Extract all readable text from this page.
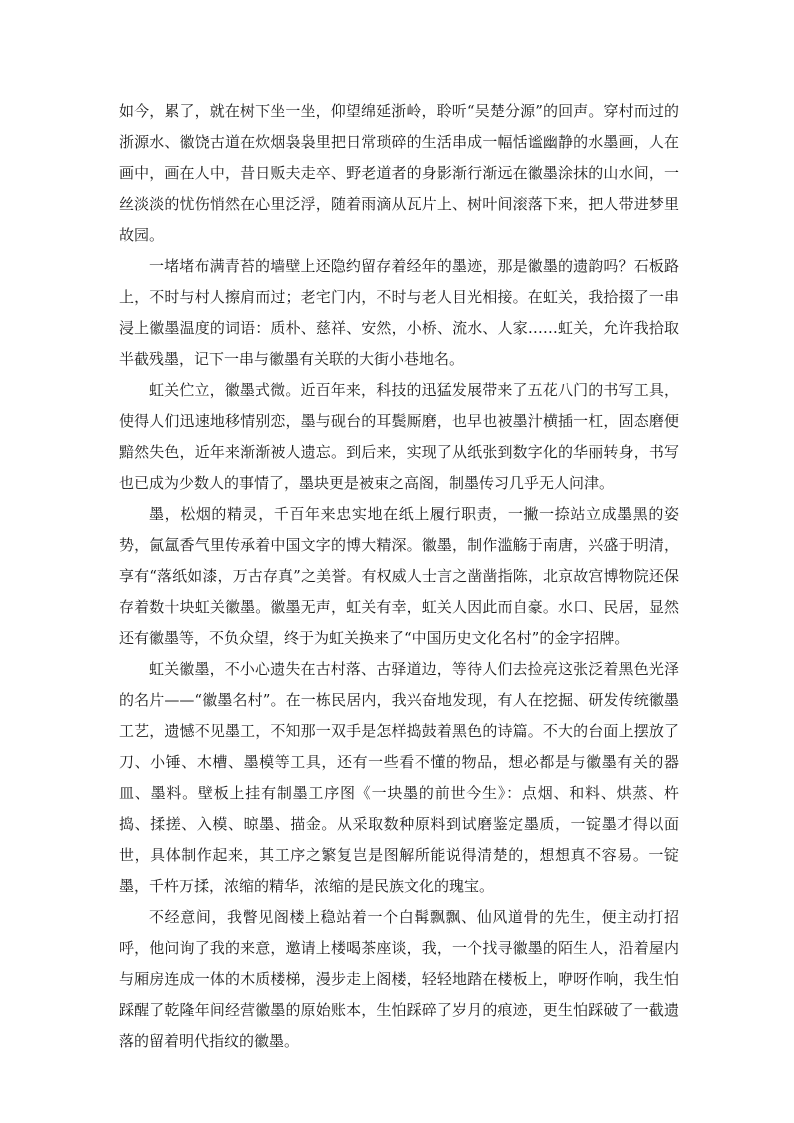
如今，累了，就在树下坐一坐，仰望绵延浙岭，聆听“吴楚分源”的回声。穿村而过的浙源水、徽饶古道在炊烟袅袅里把日常琐碎的生活串成一幅恬谧幽静的水墨画，人在画中，画在人中，昔日贩夫走卒、野老道者的身影渐行渐远在徽墨涂抹的山水间，一丝淡淡的忧伤悄然在心里泛浮，随着雨滴从瓦片上、树叶间滚落下来，把人带进梦里故园。

一堵堵布满青苔的墙壁上还隐约留存着经年的墨迹，那是徽墨的遗韵吗？石板路上，不时与村人擦肩而过；老宅门内，不时与老人目光相接。在虹关，我拾掇了一串浸上徽墨温度的词语：质朴、慈祥、安然，小桥、流水、人家……虹关，允许我拾取半截残墨，记下一串与徽墨有关联的大街小巷地名。

虹关伫立，徽墨式微。近百年来，科技的迅猛发展带来了五花八门的书写工具，使得人们迅速地移情别恋，墨与砚台的耳鬓厮磨，也早也被墨汁横插一杠，固态磨便黯然失色，近年来渐渐被人遗忘。到后来，实现了从纸张到数字化的华丽转身，书写也已成为少数人的事情了，墨块更是被束之高阁，制墨传习几乎无人问津。

墨，松烟的精灵，千百年来忠实地在纸上履行职责，一撇一捺站立成墨黑的姿势，氤氲香气里传承着中国文字的博大精深。徽墨，制作滥觞于南唐，兴盛于明清，享有“落纸如漆，万古存真”之美誉。有权威人士言之凿凿指陈，北京故宫博物院还保存着数十块虹关徽墨。徽墨无声，虹关有幸，虹关人因此而自豪。水口、民居，显然还有徽墨等，不负众望，终于为虹关换来了“中国历史文化名村”的金字招牌。

虹关徽墨，不小心遗失在古村落、古驿道边，等待人们去捡亮这张泛着黑色光泽的名片——“徽墨名村”。在一栋民居内，我兴奋地发现，有人在挖掘、研发传统徽墨工艺，遗憾不见墨工，不知那一双手是怎样捣鼓着黑色的诗篇。不大的台面上摆放了刀、小锤、木槽、墨模等工具，还有一些看不懂的物品，想必都是与徽墨有关的器皿、墨料。壁板上挂有制墨工序图《一块墨的前世今生》：点烟、和料、烘蒸、杵捣、揉搓、入模、晾墨、描金。从采取数种原料到试磨鉴定墨质，一锭墨才得以面世，具体制作起来，其工序之繁复岂是图解所能说得清楚的，想想真不容易。一锭墨，千杵万揉，浓缩的精华，浓缩的是民族文化的瑰宝。

不经意间，我瞥见阁楼上稳站着一个白髯飘飘、仙风道骨的先生，便主动打招呼，他问询了我的来意，邀请上楼喝茶座谈，我，一个找寻徽墨的陌生人，沿着屋内与厢房连成一体的木质楼梯，漫步走上阁楼，轻轻地踏在楼板上，咿呀作响，我生怕踩醒了乾隆年间经营徽墨的原始账本，生怕踩碎了岁月的痕迹，更生怕踩破了一截遗落的留着明代指纹的徽墨。
